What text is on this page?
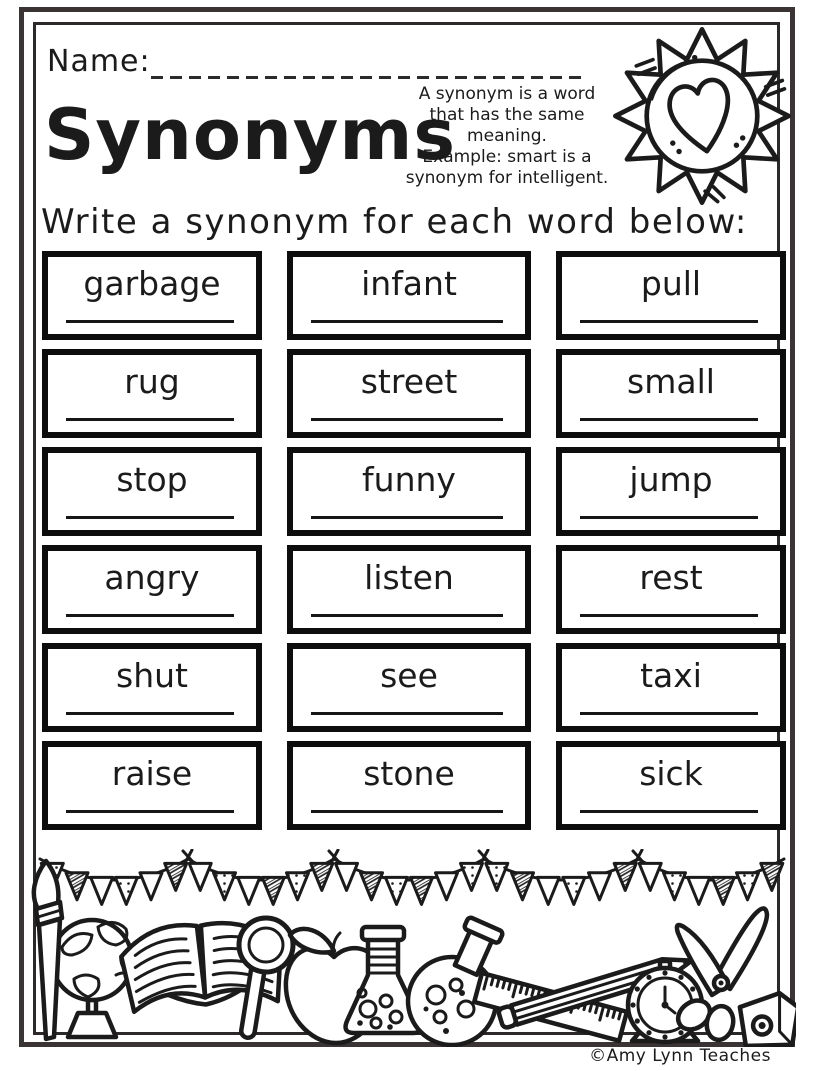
Name:
Synonyms
A synonym is a word
that has the same
meaning.
Example: smart is a
synonym for intelligent.
Write a synonym for each word below:
garbage	infant	pull
rug	street	small
stop	funny	jump
angry	listen	rest
shut	see	taxi
raise	stone	sick
©Amy Lynn Teaches
